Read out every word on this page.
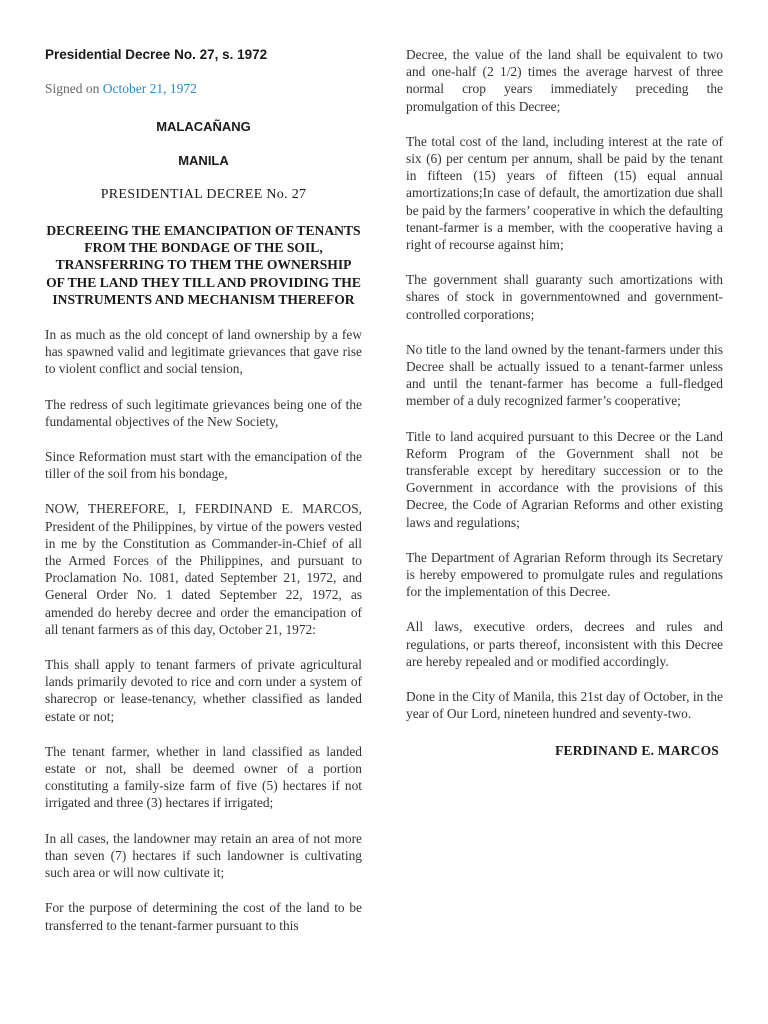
Presidential Decree No. 27, s. 1972
Signed on October 21, 1972
MALACAÑANG
MANILA
PRESIDENTIAL DECREE No. 27
DECREEING THE EMANCIPATION OF TENANTS FROM THE BONDAGE OF THE SOIL, TRANSFERRING TO THEM THE OWNERSHIP OF THE LAND THEY TILL AND PROVIDING THE INSTRUMENTS AND MECHANISM THEREFOR

In as much as the old concept of land ownership by a few has spawned valid and legitimate grievances that gave rise to violent conflict and social tension,

The redress of such legitimate grievances being one of the fundamental objectives of the New Society,

Since Reformation must start with the emancipation of the tiller of the soil from his bondage,

NOW, THEREFORE, I, FERDINAND E. MARCOS, President of the Philippines, by virtue of the powers vested in me by the Constitution as Commander-in-Chief of all the Armed Forces of the Philippines, and pursuant to Proclamation No. 1081, dated September 21, 1972, and General Order No. 1 dated September 22, 1972, as amended do hereby decree and order the emancipation of all tenant farmers as of this day, October 21, 1972:

This shall apply to tenant farmers of private agricultural lands primarily devoted to rice and corn under a system of sharecrop or lease-tenancy, whether classified as landed estate or not;

The tenant farmer, whether in land classified as landed estate or not, shall be deemed owner of a portion constituting a family-size farm of five (5) hectares if not irrigated and three (3) hectares if irrigated;

In all cases, the landowner may retain an area of not more than seven (7) hectares if such landowner is cultivating such area or will now cultivate it;

For the purpose of determining the cost of the land to be transferred to the tenant-farmer pursuant to this

Decree, the value of the land shall be equivalent to two and one-half (2 1/2) times the average harvest of three normal crop years immediately preceding the promulgation of this Decree;

The total cost of the land, including interest at the rate of six (6) per centum per annum, shall be paid by the tenant in fifteen (15) years of fifteen (15) equal annual amortizations;In case of default, the amortization due shall be paid by the farmers’ cooperative in which the defaulting tenant-farmer is a member, with the cooperative having a right of recourse against him;

The government shall guaranty such amortizations with shares of stock in governmentowned and government-controlled corporations;

No title to the land owned by the tenant-farmers under this Decree shall be actually issued to a tenant-farmer unless and until the tenant-farmer has become a full-fledged member of a duly recognized farmer’s cooperative;

Title to land acquired pursuant to this Decree or the Land Reform Program of the Government shall not be transferable except by hereditary succession or to the Government in accordance with the provisions of this Decree, the Code of Agrarian Reforms and other existing laws and regulations;

The Department of Agrarian Reform through its Secretary is hereby empowered to promulgate rules and regulations for the implementation of this Decree.

All laws, executive orders, decrees and rules and regulations, or parts thereof, inconsistent with this Decree are hereby repealed and or modified accordingly.

Done in the City of Manila, this 21st day of October, in the year of Our Lord, nineteen hundred and seventy-two.

FERDINAND E. MARCOS
